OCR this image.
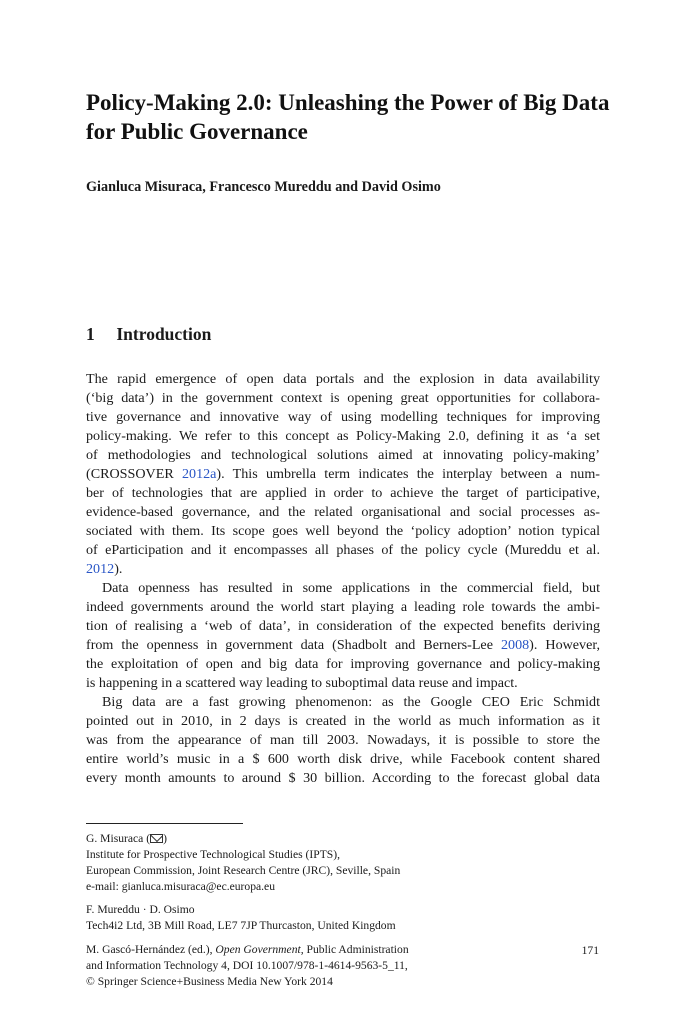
Policy-Making 2.0: Unleashing the Power of Big Data for Public Governance
Gianluca Misuraca, Francesco Mureddu and David Osimo
1 Introduction
The rapid emergence of open data portals and the explosion in data availability
(‘big data’) in the government context is opening great opportunities for collabora-
tive governance and innovative way of using modelling techniques for improving
policy-making. We refer to this concept as Policy-Making 2.0, defining it as ‘a set
of methodologies and technological solutions aimed at innovating policy-making’
(CROSSOVER 2012a). This umbrella term indicates the interplay between a num-
ber of technologies that are applied in order to achieve the target of participative,
evidence-based governance, and the related organisational and social processes as-
sociated with them. Its scope goes well beyond the ‘policy adoption’ notion typical
of eParticipation and it encompasses all phases of the policy cycle (Mureddu et al.
2012).
Data openness has resulted in some applications in the commercial field, but
indeed governments around the world start playing a leading role towards the ambi-
tion of realising a ‘web of data’, in consideration of the expected benefits deriving
from the openness in government data (Shadbolt and Berners-Lee 2008). However,
the exploitation of open and big data for improving governance and policy-making
is happening in a scattered way leading to suboptimal data reuse and impact.
Big data are a fast growing phenomenon: as the Google CEO Eric Schmidt
pointed out in 2010, in 2 days is created in the world as much information as it
was from the appearance of man till 2003. Nowadays, it is possible to store the
entire world’s music in a $ 600 worth disk drive, while Facebook content shared
every month amounts to around $ 30 billion. According to the forecast global data
G. Misuraca ( )
Institute for Prospective Technological Studies (IPTS),
European Commission, Joint Research Centre (JRC), Seville, Spain
e-mail: gianluca.misuraca@ec.europa.eu
F. Mureddu · D. Osimo
Tech4i2 Ltd, 3B Mill Road, LE7 7JP Thurcaston, United Kingdom
M. Gascó-Hernández (ed.), Open Government, Public Administration
and Information Technology 4, DOI 10.1007/978-1-4614-9563-5_11,
© Springer Science+Business Media New York 2014
171
